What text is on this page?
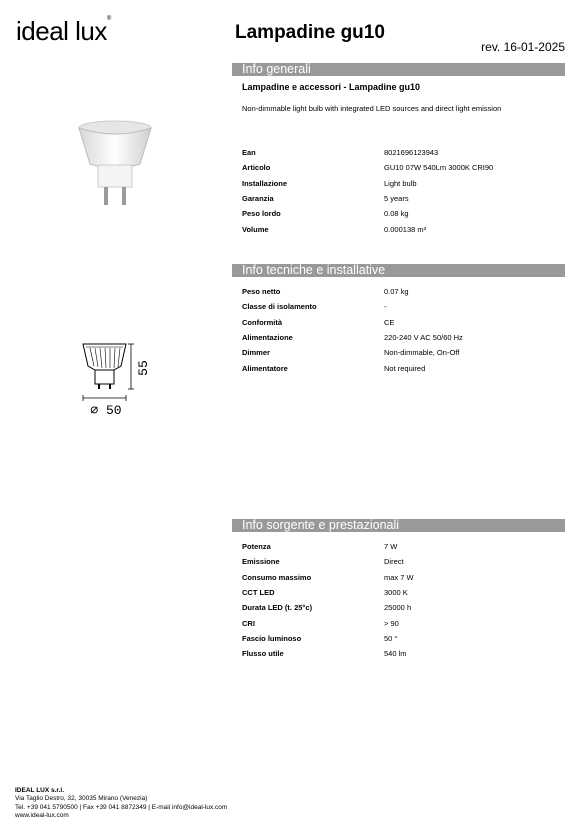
ideal lux®
Lampadine gu10
rev. 16-01-2025
55
⌀ 50
Info generali
Lampadine e accessori - Lampadine gu10
Non-dimmable light bulb with integrated LED sources and direct light emission
Ean	8021696123943
Articolo	GU10 07W 540Lm 3000K CRI90
Installazione	Light bulb
Garanzia	5 years
Peso lordo	0.08 kg
Volume	0.000138 m³
Info tecniche e installative
Peso netto	0.07 kg
Classe di isolamento	-
Conformità	CE
Alimentazione	220-240 V AC 50/60 Hz
Dimmer	Non-dimmable, On-Off
Alimentatore	Not required
Info sorgente e prestazionali
Potenza	7 W
Emissione	Direct
Consumo massimo	max 7 W
CCT LED	3000 K
Durata LED (t. 25°c)	25000 h
CRI	> 90
Fascio luminoso	50 °
Flusso utile	540 lm
IDEAL LUX s.r.l.
Via Taglio Destro, 32, 30035 Mirano (Venezia)
Tel. +39 041 5790500 | Fax +39 041 8872349 | E-mail info@ideal-lux.com
www.ideal-lux.com
